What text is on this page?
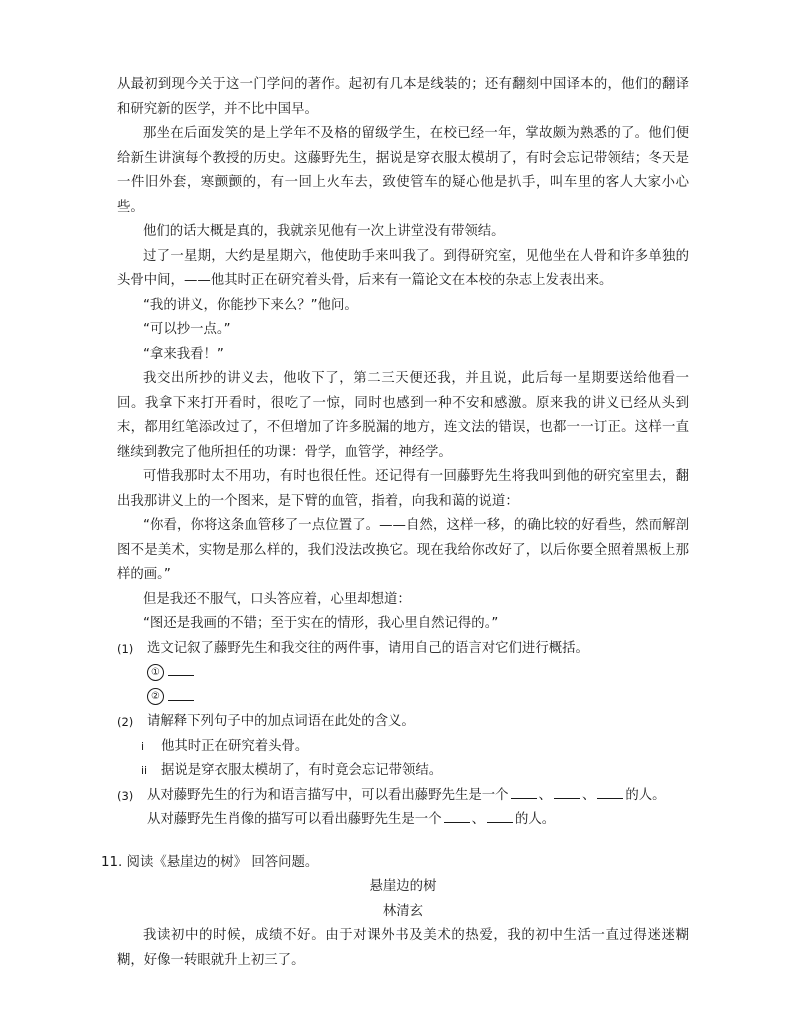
从最初到现今关于这一门学问的著作。起初有几本是线装的；还有翻刻中国译本的，他们的翻译和研究新的医学，并不比中国早。

那坐在后面发笑的是上学年不及格的留级学生，在校已经一年，掌故颇为熟悉的了。他们便给新生讲演每个教授的历史。这藤野先生，据说是穿衣服太模胡了，有时会忘记带领结；冬天是一件旧外套，寒颤颤的，有一回上火车去，致使管车的疑心他是扒手，叫车里的客人大家小心些。

他们的话大概是真的，我就亲见他有一次上讲堂没有带领结。

过了一星期，大约是星期六，他使助手来叫我了。到得研究室，见他坐在人骨和许多单独的头骨中间，——他其时正在研究着头骨，后来有一篇论文在本校的杂志上发表出来。

“我的讲义，你能抄下来么？”他问。

“可以抄一点。”

“拿来我看！”

我交出所抄的讲义去，他收下了，第二三天便还我，并且说，此后每一星期要送给他看一回。我拿下来打开看时，很吃了一惊，同时也感到一种不安和感激。原来我的讲义已经从头到末，都用红笔添改过了，不但增加了许多脱漏的地方，连文法的错误，也都一一订正。这样一直继续到教完了他所担任的功课：骨学，血管学，神经学。

可惜我那时太不用功，有时也很任性。还记得有一回藤野先生将我叫到他的研究室里去，翻出我那讲义上的一个图来，是下臂的血管，指着，向我和蔼的说道：

“你看，你将这条血管移了一点位置了。——自然，这样一移，的确比较的好看些，然而解剖图不是美术，实物是那么样的，我们没法改换它。现在我给你改好了，以后你要全照着黑板上那样的画。”

但是我还不服气，口头答应着，心里却想道：

“图还是我画的不错；至于实在的情形，我心里自然记得的。”

(1)	选文记叙了藤野先生和我交往的两件事，请用自己的语言对它们进行概括。

①

②

(2)	请解释下列句子中的加点词语在此处的含义。

i 他其时正在研究着头骨。

ii 据说是穿衣服太模胡了，有时竟会忘记带领结。

(3)	从对藤野先生的行为和语言描写中，可以看出藤野先生是一个 、 、 的人。

从对藤野先生肖像的描写可以看出藤野先生是一个 、 的人。

11. 阅读《悬崖边的树》 回答问题。

悬崖边的树

林清玄

我读初中的时候，成绩不好。由于对课外书及美术的热爱，我的初中生活一直过得迷迷糊糊，好像一转眼就升上初三了。
